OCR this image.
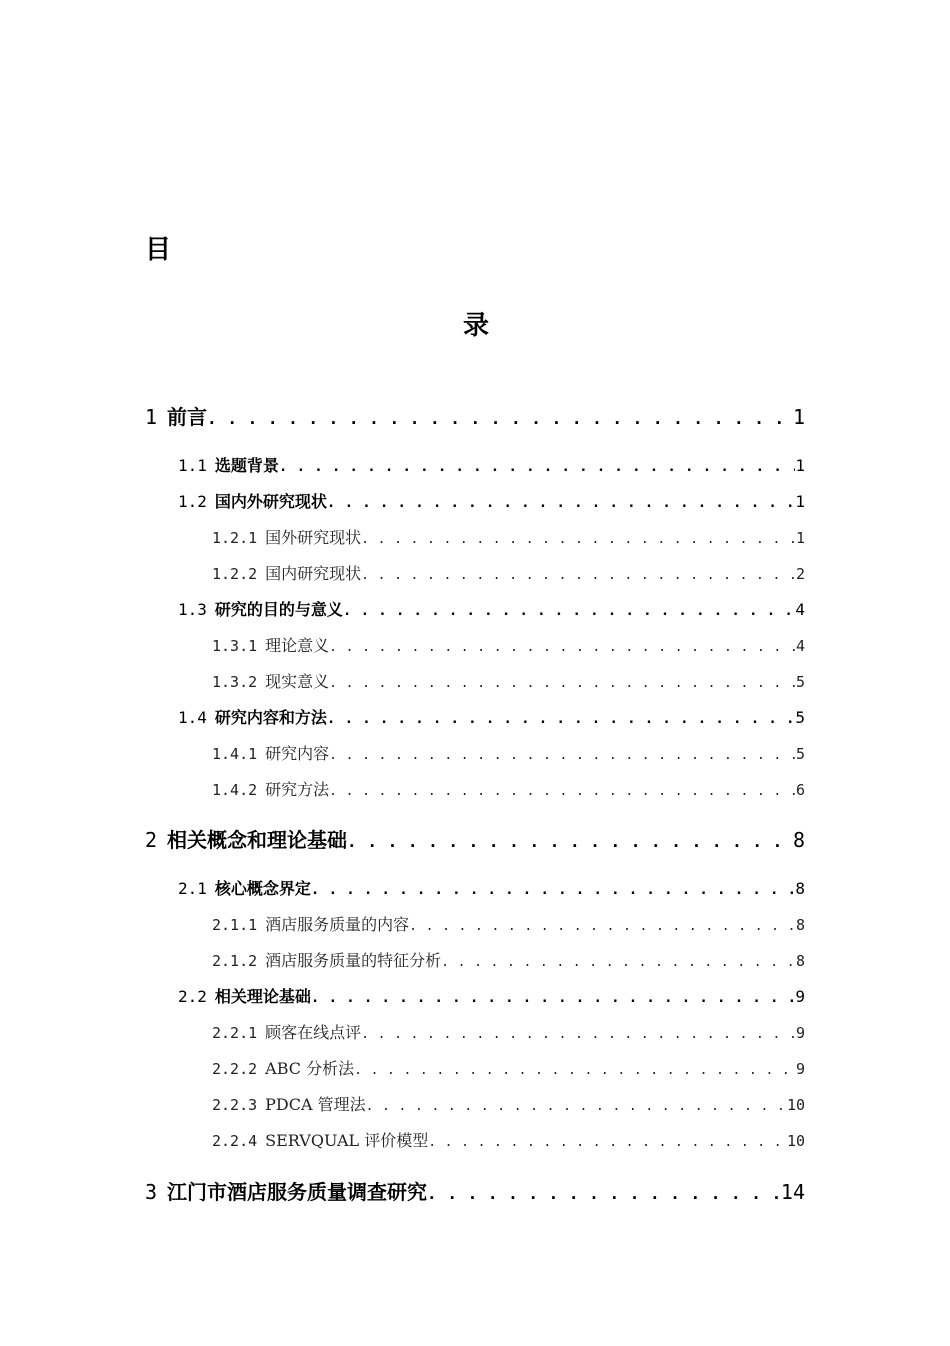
目
录
1 前言 . . .	1
1.1 选题背景 . . .	1
1.2 国内外研究现状 . . .	1
1.2.1 国外研究现状 . . .	1
1.2.2 国内研究现状 . . .	2
1.3 研究的目的与意义 . . .	4
1.3.1 理论意义 . . .	4
1.3.2 现实意义 . . .	5
1.4 研究内容和方法 . . .	5
1.4.1 研究内容 . . .	5
1.4.2 研究方法 . . .	6
2 相关概念和理论基础 . . .	8
2.1 核心概念界定 . . .	8
2.1.1 酒店服务质量的内容 . . .	8
2.1.2 酒店服务质量的特征分析 . . .	8
2.2 相关理论基础 . . .	9
2.2.1 顾客在线点评 . . .	9
2.2.2 ABC 分析法 . . .	9
2.2.3 PDCA 管理法 . . .	10
2.2.4 SERVQUAL 评价模型 . . .	10
3 江门市酒店服务质量调查研究 . . .	14
